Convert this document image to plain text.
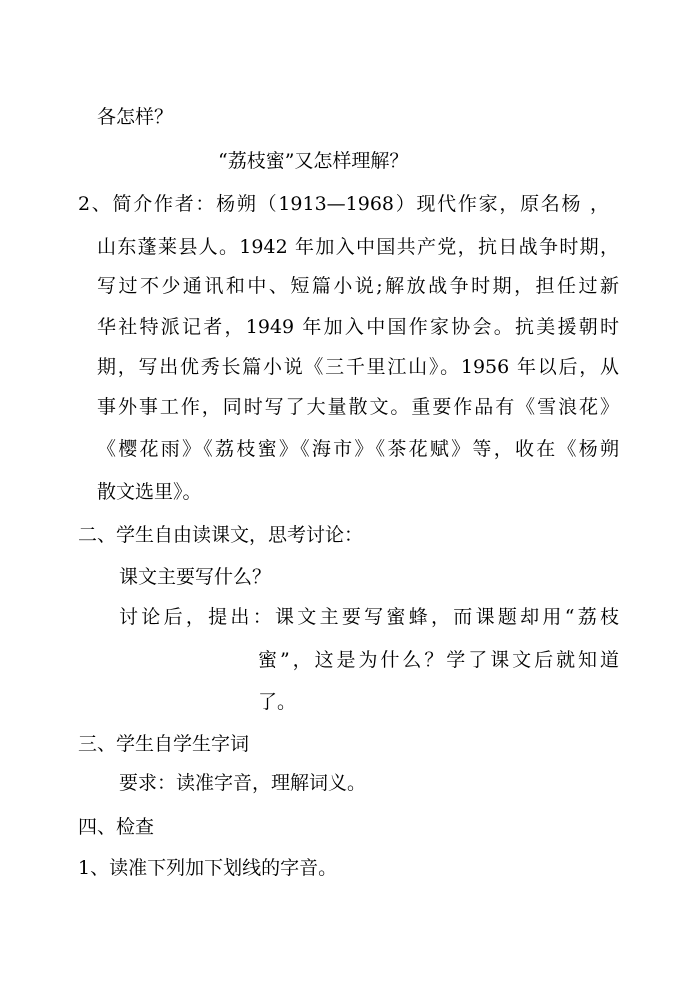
各怎样？
“荔枝蜜”又怎样理解？
2、简介作者：杨朔（1913—1968）现代作家，原名杨 ，
山东蓬莱县人。1942 年加入中国共产党，抗日战争时期，
写过不少通讯和中、短篇小说;解放战争时期，担任过新
华社特派记者，1949 年加入中国作家协会。抗美援朝时
期，写出优秀长篇小说《三千里江山》。1956 年以后，从
事外事工作，同时写了大量散文。重要作品有《雪浪花》
《樱花雨》《荔枝蜜》《海市》《茶花赋》等，收在《杨朔
散文选里》。
二、学生自由读课文，思考讨论：
课文主要写什么？
讨论后，提出：课文主要写蜜蜂，而课题却用“荔枝
蜜”，这是为什么？学了课文后就知道
了。
三、学生自学生字词
要求：读准字音，理解词义。
四、检查
1、读准下列加下划线的字音。
